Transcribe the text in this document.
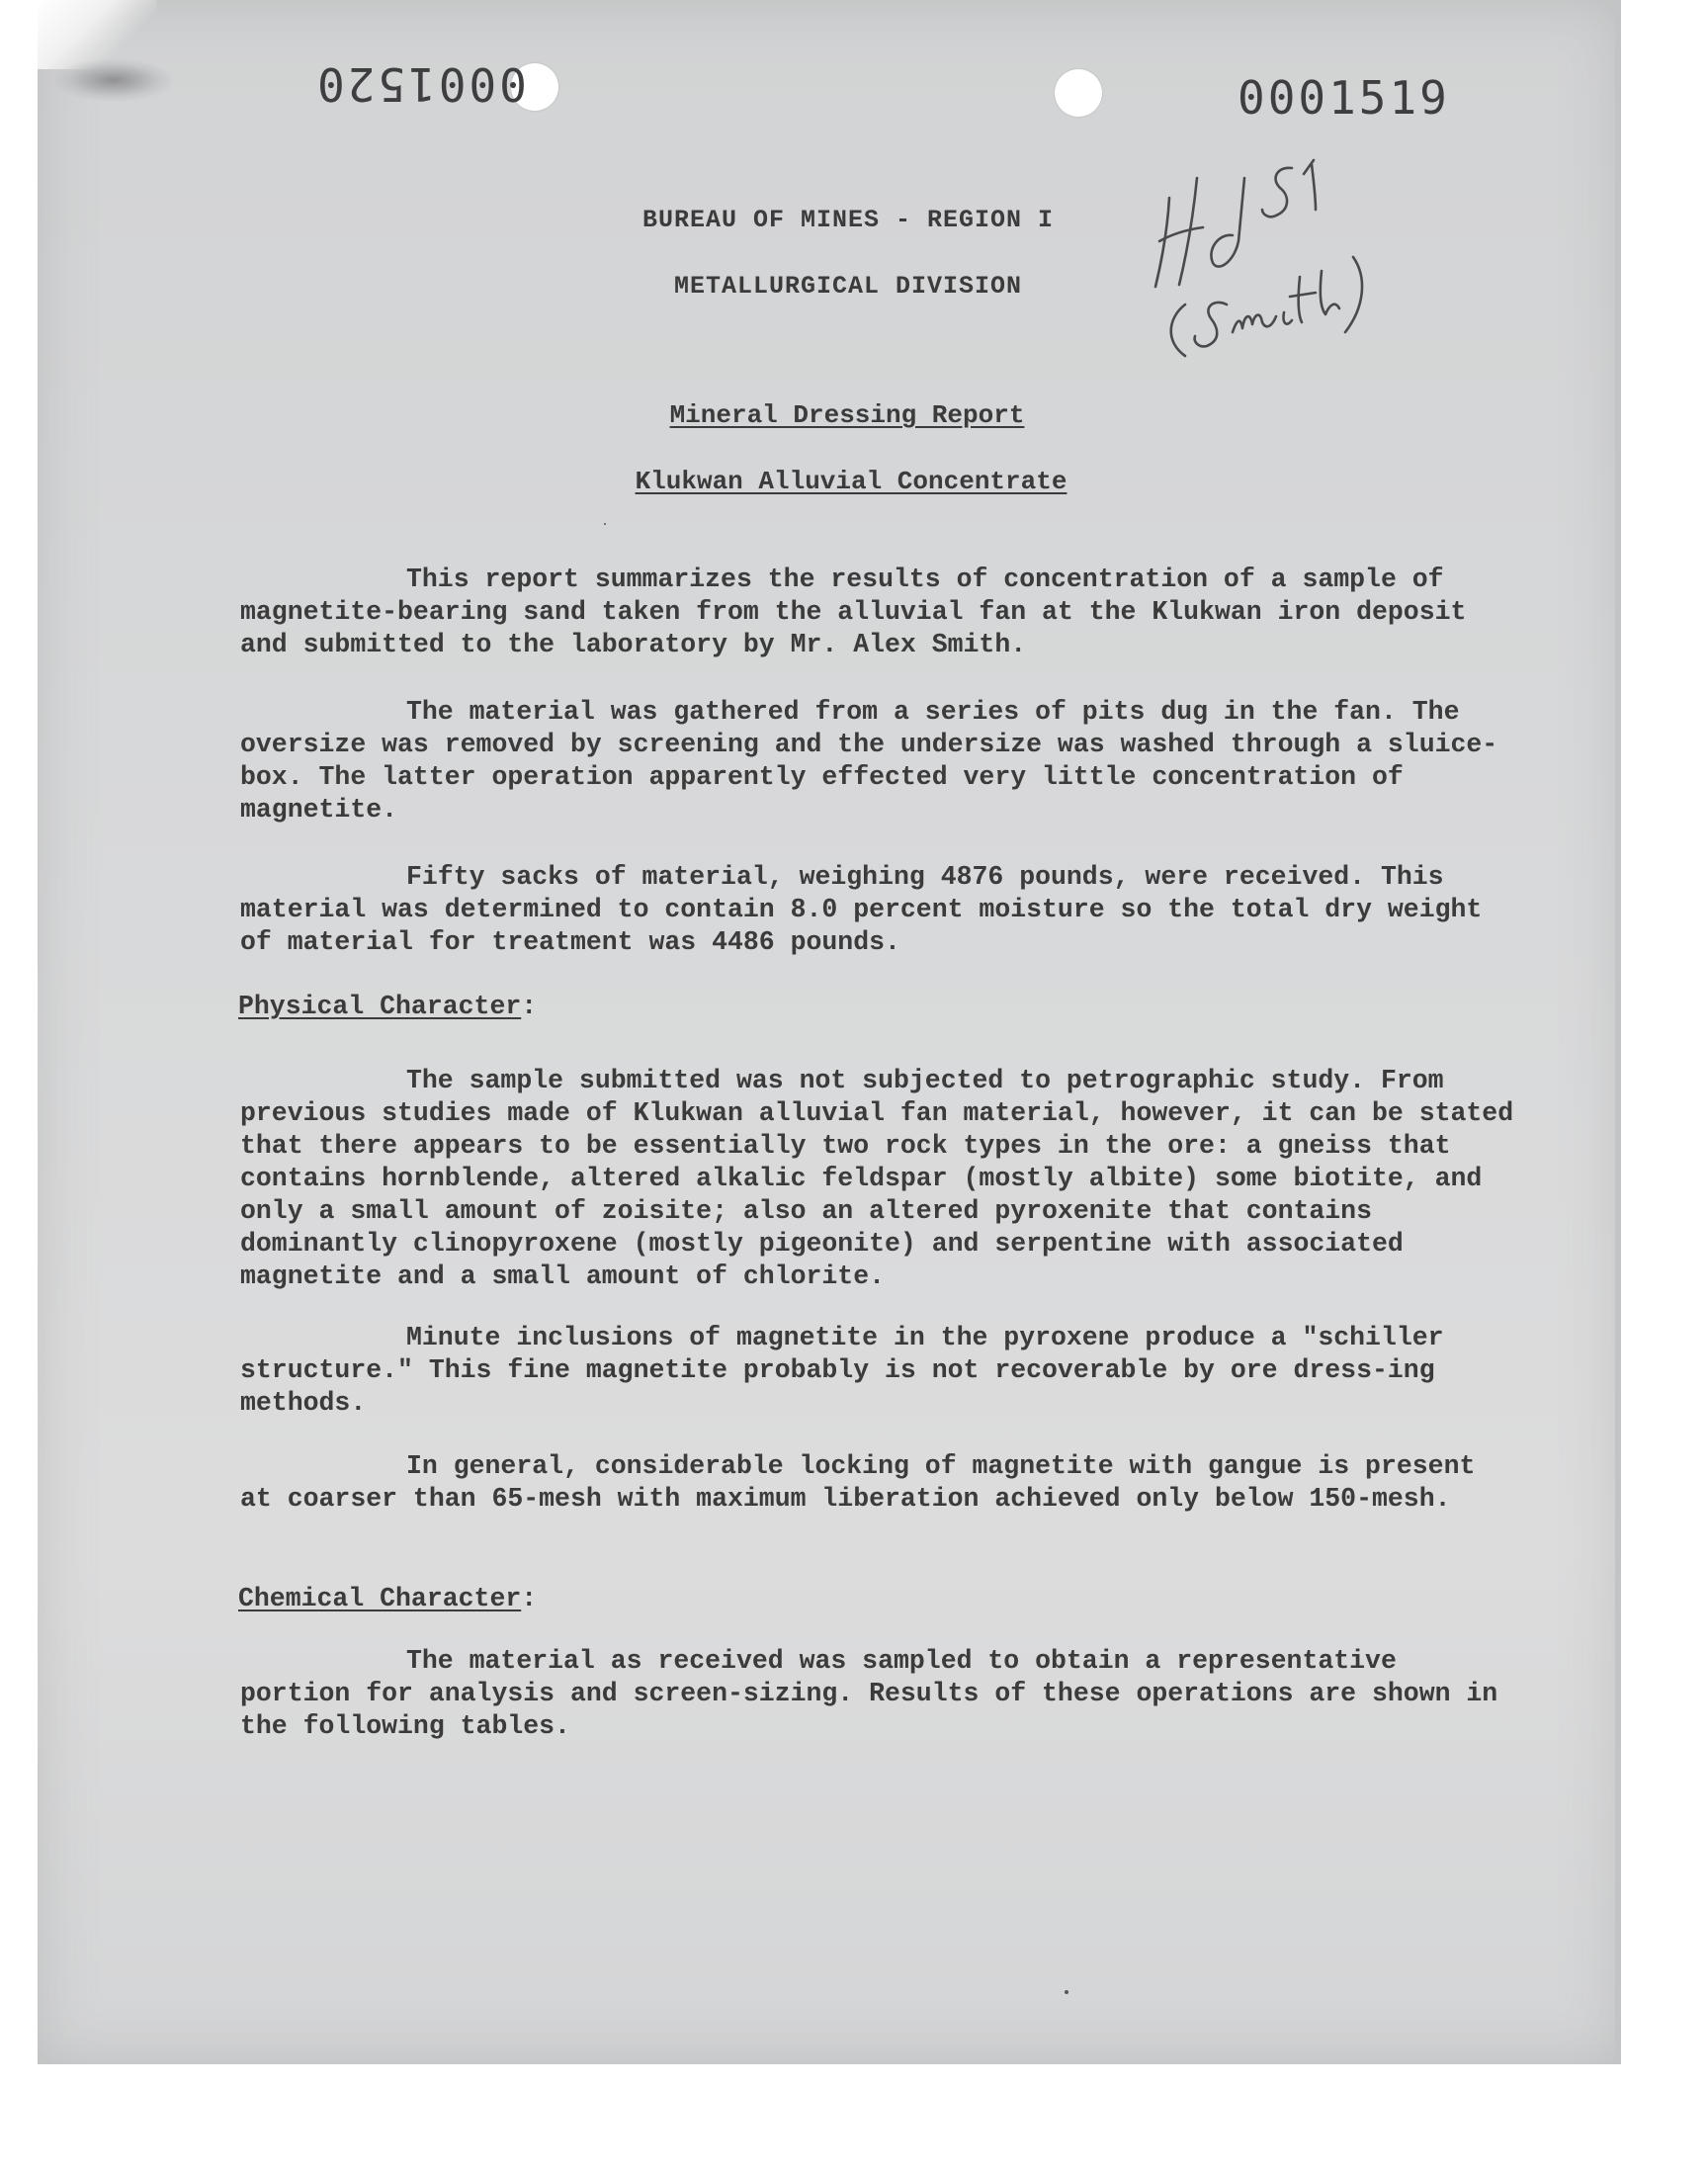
0001520	0001519
BUREAU OF MINES - REGION I
METALLURGICAL DIVISION
Mineral Dressing Report
Klukwan Alluvial Concentrate

This report summarizes the results of concentration of a sample of magnetite-bearing sand taken from the alluvial fan at the Klukwan iron deposit and submitted to the laboratory by Mr. Alex Smith.

The material was gathered from a series of pits dug in the fan. The oversize was removed by screening and the undersize was washed through a sluice-box. The latter operation apparently effected very little concentration of magnetite.

Fifty sacks of material, weighing 4876 pounds, were received. This material was determined to contain 8.0 percent moisture so the total dry weight of material for treatment was 4486 pounds.

Physical Character:

The sample submitted was not subjected to petrographic study. From previous studies made of Klukwan alluvial fan material, however, it can be stated that there appears to be essentially two rock types in the ore: a gneiss that contains hornblende, altered alkalic feldspar (mostly albite) some biotite, and only a small amount of zoisite; also an altered pyroxenite that contains dominantly clinopyroxene (mostly pigeonite) and serpentine with associated magnetite and a small amount of chlorite.

Minute inclusions of magnetite in the pyroxene produce a "schiller structure." This fine magnetite probably is not recoverable by ore dress-ing methods.

In general, considerable locking of magnetite with gangue is present at coarser than 65-mesh with maximum liberation achieved only below 150-mesh.

Chemical Character:

The material as received was sampled to obtain a representative portion for analysis and screen-sizing. Results of these operations are shown in the following tables.
